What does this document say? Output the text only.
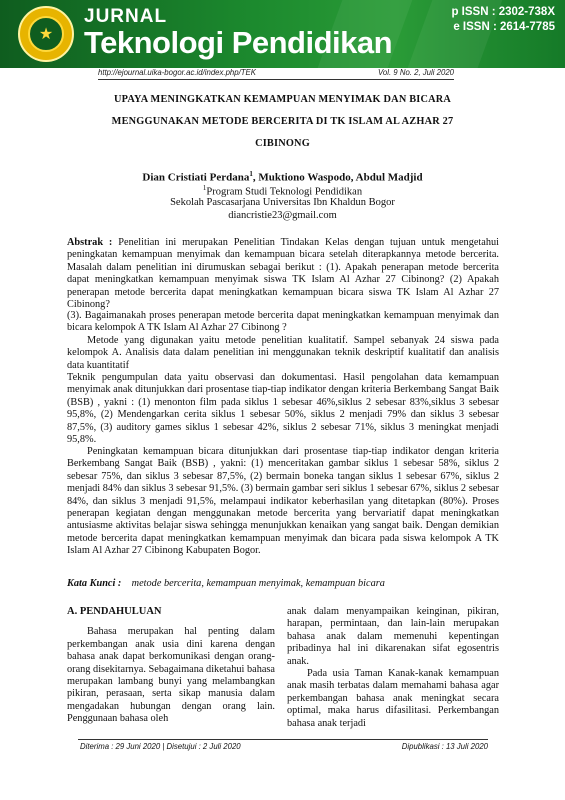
★
JURNAL
Teknologi Pendidikan
p ISSN : 2302-738X
e ISSN : 2614-7785
http://ejournal.uika-bogor.ac.id/index.php/TEK	Vol. 9 No. 2, Juli 2020
UPAYA MENINGKATKAN KEMAMPUAN MENYIMAK DAN BICARA
MENGGUNAKAN METODE BERCERITA DI TK ISLAM AL AZHAR 27
CIBINONG
Dian Cristiati Perdana$^1$, Muktiono Waspodo, Abdul Madjid
$^1$Program Studi Teknologi Pendidikan
Sekolah Pascasarjana Universitas Ibn Khaldun Bogor
diancristie23@gmail.com
Abstrak : Penelitian ini merupakan Penelitian Tindakan Kelas dengan tujuan untuk mengetahui peningkatan kemampuan menyimak dan kemampuan bicara setelah diterapkannya metode bercerita. Masalah dalam penelitian ini dirumuskan sebagai berikut : (1). Apakah penerapan metode bercerita dapat meningkatkan kemampuan menyimak siswa TK Islam Al Azhar 27 Cibinong? (2) Apakah penerapan metode bercerita dapat meningkatkan kemampuan bicara siswa TK Islam Al Azhar 27 Cibinong?
(3). Bagaimanakah proses penerapan metode bercerita dapat meningkatkan kemampuan menyimak dan bicara kelompok A TK Islam Al Azhar 27 Cibinong ?
Metode yang digunakan yaitu metode penelitian kualitatif. Sampel sebanyak 24 siswa pada kelompok A. Analisis data dalam penelitian ini menggunakan teknik deskriptif kualitatif dan analisis data kuantitatif
Teknik pengumpulan data yaitu observasi dan dokumentasi. Hasil pengolahan data kemampuan menyimak anak ditunjukkan dari prosentase tiap-tiap indikator dengan kriteria Berkembang Sangat Baik (BSB) , yakni : (1) menonton film pada siklus 1 sebesar 46%,siklus 2 sebesar 83%,siklus 3 sebesar 95,8%, (2) Mendengarkan cerita siklus 1 sebesar 50%, siklus 2 menjadi 79% dan siklus 3 sebesar 87,5%, (3) auditory games siklus 1 sebesar 42%, siklus 2 sebesar 71%, siklus 3 meningkat menjadi 95,8%.
Peningkatan kemampuan bicara ditunjukkan dari prosentase tiap-tiap indikator dengan kriteria Berkembang Sangat Baik (BSB) , yakni: (1) menceritakan gambar siklus 1 sebesar 58%, siklus 2 sebesar 75%, dan siklus 3 sebesar 87,5%, (2) bermain boneka tangan siklus 1 sebesar 67%, siklus 2 menjadi 84% dan siklus 3 sebesar 91,5%. (3) bermain gambar seri siklus 1 sebesar 67%, siklus 2 sebesar 84%, dan siklus 3 menjadi 91,5%, melampaui indikator keberhasilan yang ditetapkan (80%). Proses penerapan kegiatan dengan menggunakan metode bercerita yang bervariatif dapat meningkatkan antusiasme aktivitas belajar siswa sehingga menunjukkan kenaikan yang sangat baik. Dengan demikian metode bercerita dapat meningkatkan kemampuan menyimak dan bicara pada siswa kelompok A TK Islam Al Azhar 27 Cibinong Kabupaten Bogor.
Kata Kunci : metode bercerita, kemampuan menyimak, kemampuan bicara
A. PENDAHULUAN
Bahasa merupakan hal penting dalam perkembangan anak usia dini karena dengan bahasa anak dapat berkomunikasi dengan orang-orang disekitarnya. Sebagaimana diketahui bahasa merupakan lambang bunyi yang melambangkan pikiran, perasaan, serta sikap manusia dalam mengadakan hubungan dengan orang lain. Penggunaan bahasa oleh
anak dalam menyampaikan keinginan, pikiran, harapan, permintaan, dan lain-lain merupakan bahasa anak dalam memenuhi kepentingan pribadinya hal ini dikarenakan sifat egosentris anak.
Pada usia Taman Kanak-kanak kemampuan anak masih terbatas dalam memahami bahasa agar perkembangan bahasa anak meningkat secara optimal, maka harus difasilitasi. Perkembangan bahasa anak terjadi
Diterima : 29 Juni 2020 | Disetujui : 2 Juli 2020	Dipublikasi : 13 Juli 2020
